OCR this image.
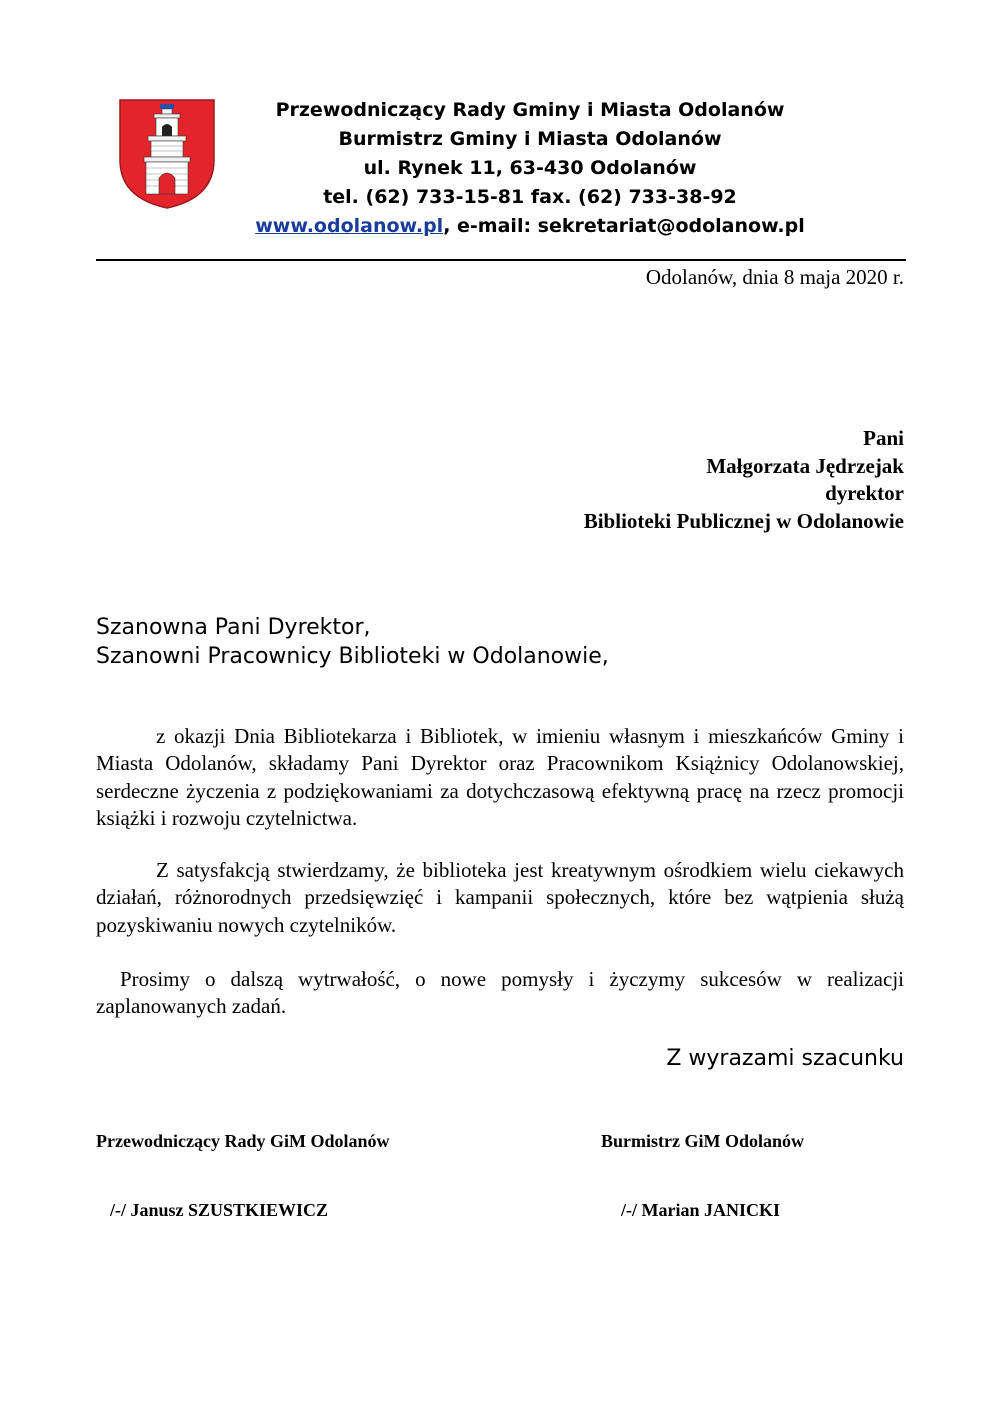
Przewodniczący Rady Gminy i Miasta Odolanów
Burmistrz Gminy i Miasta Odolanów
ul. Rynek 11, 63-430 Odolanów
tel. (62) 733-15-81 fax. (62) 733-38-92
www.odolanow.pl, e-mail: sekretariat@odolanow.pl
Odolanów, dnia 8 maja 2020 r.
Pani
Małgorzata Jędrzejak
dyrektor
Biblioteki Publicznej w Odolanowie
Szanowna Pani Dyrektor,
Szanowni Pracownicy Biblioteki w Odolanowie,
z okazji Dnia Bibliotekarza i Bibliotek, w imieniu własnym i mieszkańców Gminy i Miasta Odolanów, składamy Pani Dyrektor oraz Pracownikom Książnicy Odolanowskiej, serdeczne życzenia z podziękowaniami za dotychczasową efektywną pracę na rzecz promocji książki i rozwoju czytelnictwa.
Z satysfakcją stwierdzamy, że biblioteka jest kreatywnym ośrodkiem wielu ciekawych działań, różnorodnych przedsięwzięć i kampanii społecznych, które bez wątpienia służą pozyskiwaniu nowych czytelników.
Prosimy o dalszą wytrwałość, o nowe pomysły i życzymy sukcesów w realizacji zaplanowanych zadań.
Z wyrazami szacunku
Przewodniczący Rady GiM Odolanów	Burmistrz GiM Odolanów
/-/ Janusz SZUSTKIEWICZ	/-/ Marian JANICKI
